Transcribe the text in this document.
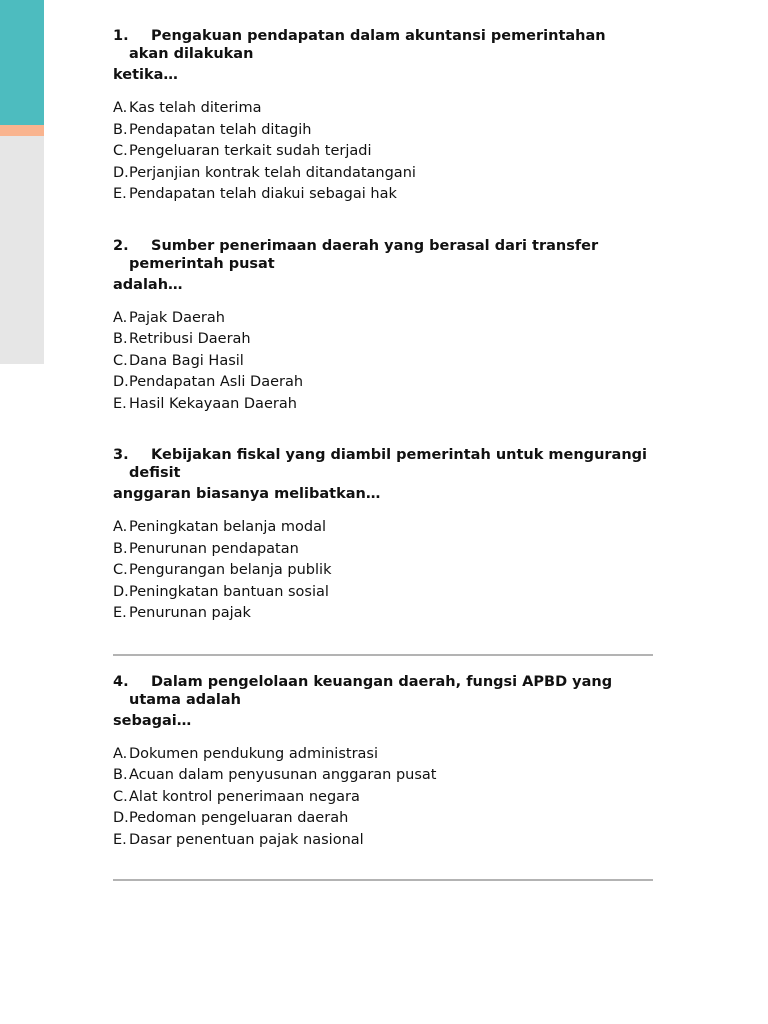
1. Pengakuan pendapatan dalam akuntansi pemerintahan
akan dilakukan
ketika…
A. Kas telah diterima
B.Pendapatan telah ditagih
C.Pengeluaran terkait sudah terjadi
D.Perjanjian kontrak telah ditandatangani
E. Pendapatan telah diakui sebagai hak
2. Sumber penerimaan daerah yang berasal dari transfer
pemerintah pusat
adalah…
A. Pajak Daerah
B.Retribusi Daerah
C.Dana Bagi Hasil
D.Pendapatan Asli Daerah
E. Hasil Kekayaan Daerah
3. Kebijakan fiskal yang diambil pemerintah untuk mengurangi
defisit
anggaran biasanya melibatkan…
A. Peningkatan belanja modal
B.Penurunan pendapatan
C.Pengurangan belanja publik
D.Peningkatan bantuan sosial
E. Penurunan pajak
4. Dalam pengelolaan keuangan daerah, fungsi APBD yang
utama adalah
sebagai…
A. Dokumen pendukung administrasi
B.Acuan dalam penyusunan anggaran pusat
C.Alat kontrol penerimaan negara
D.Pedoman pengeluaran daerah
E. Dasar penentuan pajak nasional
